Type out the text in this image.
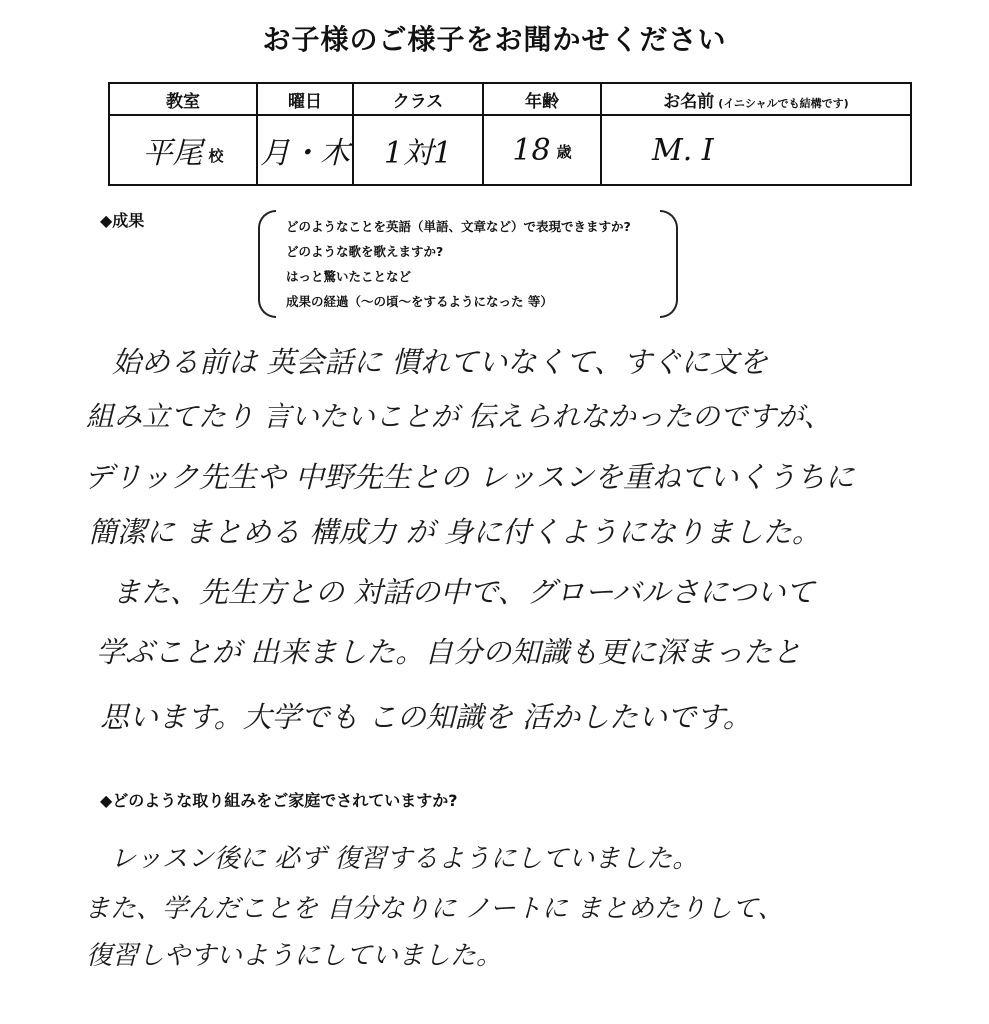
お子様のご様子をお聞かせください
教室	曜日	クラス	年齢	お名前 (イニシャルでも結構です)
平尾 校	月・木	1対1	18 歳	M. I
◆成果	どのようなことを英語（単語、文章など）で表現できますか?
どのような歌を歌えますか?
はっと驚いたことなど
成果の経過（～の頃～をするようになった 等）
始める前は 英会話に 慣れていなくて、すぐに文を
組み立てたり 言いたいことが 伝えられなかったのですが、
デリック先生や 中野先生との レッスンを重ねていくうちに
簡潔に まとめる 構成力 が 身に付くようになりました。
また、先生方との 対話の中で、グローバルさについて
学ぶことが 出来ました。自分の知識も更に深まったと
思います。大学でも この知識を 活かしたいです。
◆どのような取り組みをご家庭でされていますか?
レッスン後に 必ず 復習するようにしていました。
また、学んだことを 自分なりに ノートに まとめたりして、
復習しやすいようにしていました。
